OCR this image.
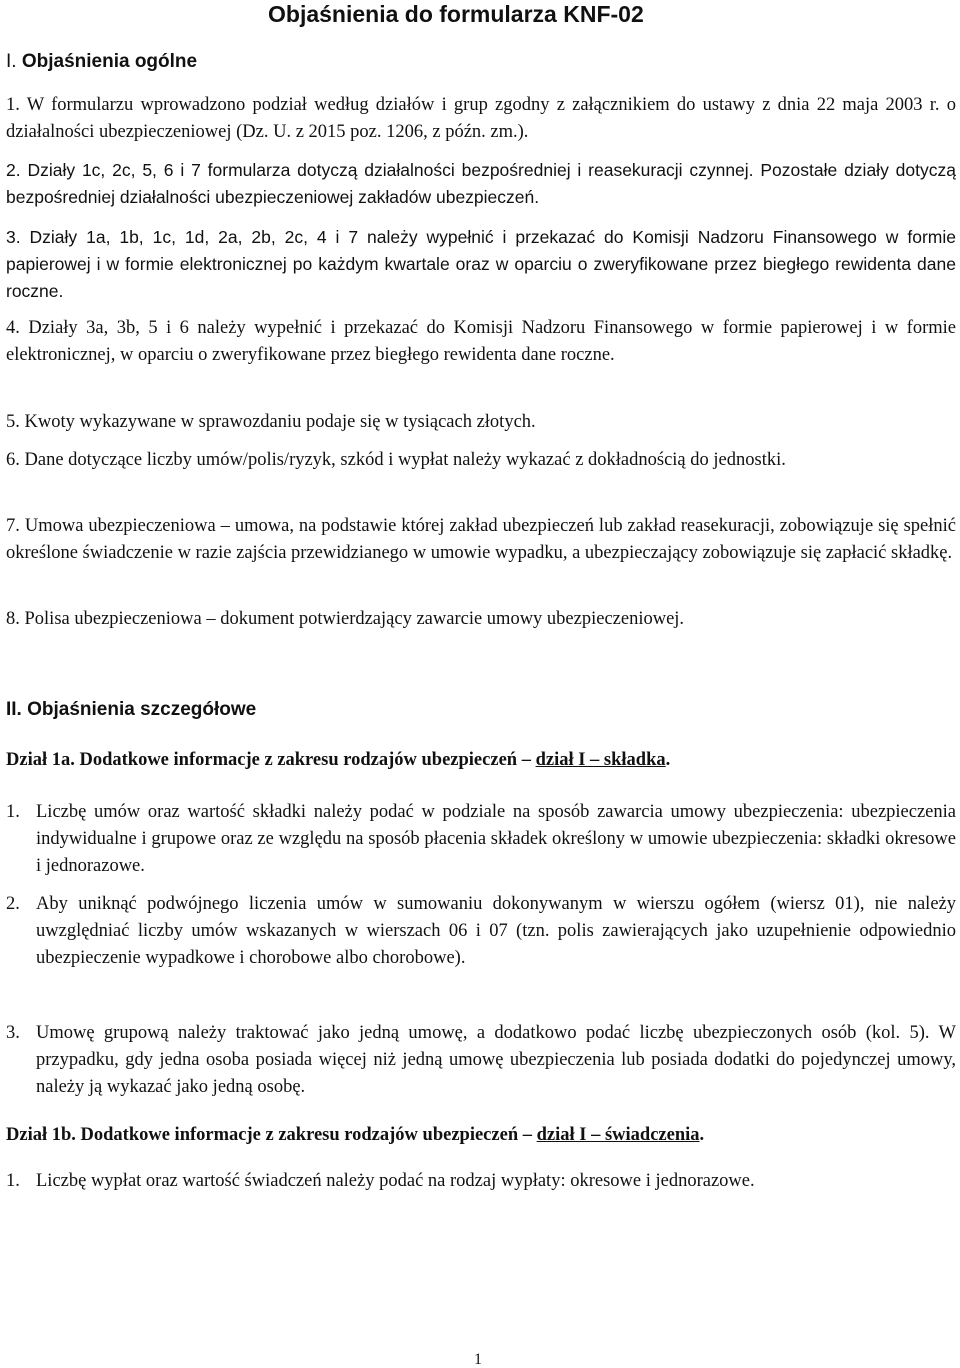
Objaśnienia do formularza KNF-02
I. Objaśnienia ogólne
1. W formularzu wprowadzono podział według działów i grup zgodny z załącznikiem do ustawy z dnia 22 maja 2003 r. o działalności ubezpieczeniowej (Dz. U. z 2015 poz. 1206, z późn. zm.).
2. Działy 1c, 2c, 5, 6 i 7 formularza dotyczą działalności bezpośredniej i reasekuracji czynnej. Pozostałe działy dotyczą bezpośredniej działalności ubezpieczeniowej zakładów ubezpieczeń.
3. Działy 1a, 1b, 1c, 1d, 2a, 2b, 2c, 4 i 7 należy wypełnić i przekazać do Komisji Nadzoru Finansowego w formie papierowej i w formie elektronicznej po każdym kwartale oraz w oparciu o zweryfikowane przez biegłego rewidenta dane roczne.
4. Działy 3a, 3b, 5 i 6 należy wypełnić i przekazać do Komisji Nadzoru Finansowego w formie papierowej i w formie elektronicznej, w oparciu o zweryfikowane przez biegłego rewidenta dane roczne.
5. Kwoty wykazywane w sprawozdaniu podaje się w tysiącach złotych.
6. Dane dotyczące liczby umów/polis/ryzyk, szkód i wypłat należy wykazać z dokładnością do jednostki.
7. Umowa ubezpieczeniowa – umowa, na podstawie której zakład ubezpieczeń lub zakład reasekuracji, zobowiązuje się spełnić określone świadczenie w razie zajścia przewidzianego w umowie wypadku, a ubezpieczający zobowiązuje się zapłacić składkę.
8. Polisa ubezpieczeniowa – dokument potwierdzający zawarcie umowy ubezpieczeniowej.
II. Objaśnienia szczegółowe
Dział 1a. Dodatkowe informacje z zakresu rodzajów ubezpieczeń – dział I – składka.
1. Liczbę umów oraz wartość składki należy podać w podziale na sposób zawarcia umowy ubezpieczenia: ubezpieczenia indywidualne i grupowe oraz ze względu na sposób płacenia składek określony w umowie ubezpieczenia: składki okresowe i jednorazowe.
2. Aby uniknąć podwójnego liczenia umów w sumowaniu dokonywanym w wierszu ogółem (wiersz 01), nie należy uwzględniać liczby umów wskazanych w wierszach 06 i 07 (tzn. polis zawierających jako uzupełnienie odpowiednio ubezpieczenie wypadkowe i chorobowe albo chorobowe).
3. Umowę grupową należy traktować jako jedną umowę, a dodatkowo podać liczbę ubezpieczonych osób (kol. 5). W przypadku, gdy jedna osoba posiada więcej niż jedną umowę ubezpieczenia lub posiada dodatki do pojedynczej umowy, należy ją wykazać jako jedną osobę.
Dział 1b. Dodatkowe informacje z zakresu rodzajów ubezpieczeń – dział I – świadczenia.
1. Liczbę wypłat oraz wartość świadczeń należy podać na rodzaj wypłaty: okresowe i jednorazowe.
1
